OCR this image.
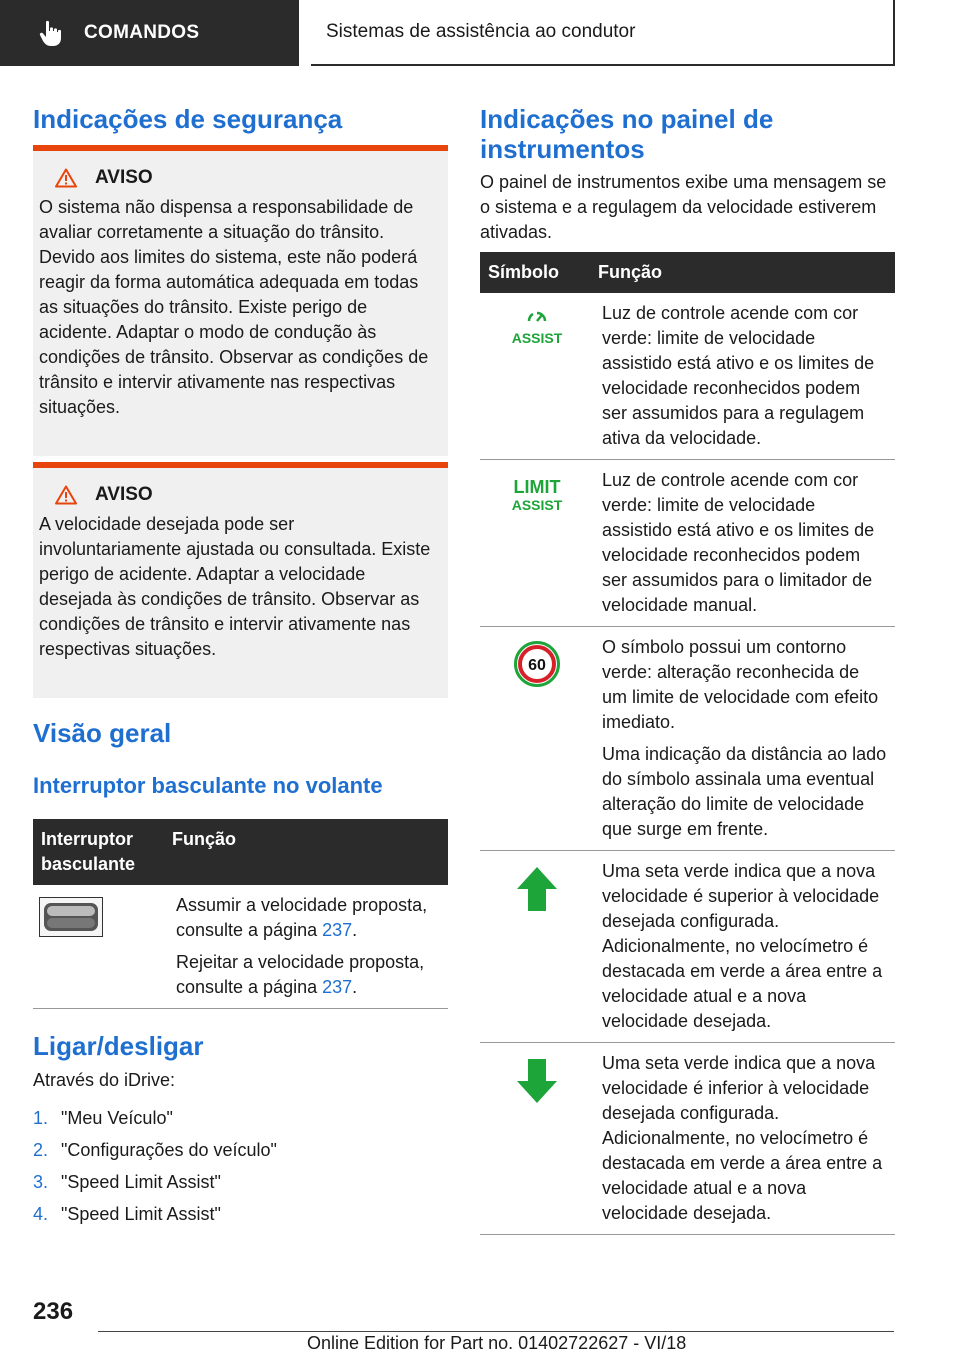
COMANDOS	Sistemas de assistência ao condutor
Indicações de segurança
AVISO

O sistema não dispensa a responsabilidade de avaliar corretamente a situação do trânsito. Devido aos limites do sistema, este não poderá reagir da forma automática adequada em todas as situações do trânsito. Existe perigo de acidente. Adaptar o modo de condução às condições de trânsito. Observar as condições de trânsito e intervir ativamente nas respectivas situações.

AVISO

A velocidade desejada pode ser involuntariamente ajustada ou consultada. Existe perigo de acidente. Adaptar a velocidade desejada às condições de trânsito. Observar as condições de trânsito e intervir ativamente nas respectivas situações.

Visão geral
Interruptor basculante no volante
Interruptor basculante	Função

Assumir a velocidade proposta, consulte a página 237.

Rejeitar a velocidade proposta, consulte a página 237.

Ligar/desligar

Através do iDrive:

1. "Meu Veículo"
2. "Configurações do veículo"
3. "Speed Limit Assist"
4. "Speed Limit Assist"
Indicações no painel de instrumentos

O painel de instrumentos exibe uma mensagem se o sistema e a regulagem da velocidade estiverem ativadas.

Símbolo	Função

ASSIST	Luz de controle acende com cor verde: limite de velocidade assistido está ativo e os limites de velocidade reconhecidos podem ser assumidos para a regulagem ativa da velocidade.

LIMIT
ASSIST	Luz de controle acende com cor verde: limite de velocidade assistido está ativo e os limites de velocidade reconhecidos podem ser assumidos para o limitador de velocidade manual.

60	O símbolo possui um contorno verde: alteração reconhecida de um limite de velocidade com efeito imediato.

Uma indicação da distância ao lado do símbolo assinala uma eventual alteração do limite de velocidade que surge em frente.

Uma seta verde indica que a nova velocidade é superior à velocidade desejada configurada. Adicionalmente, no velocímetro é destacada em verde a área entre a velocidade atual e a nova velocidade desejada.

Uma seta verde indica que a nova velocidade é inferior à velocidade desejada configurada. Adicionalmente, no velocímetro é destacada em verde a área entre a velocidade atual e a nova velocidade desejada.

236
Online Edition for Part no. 01402722627 - VI/18
